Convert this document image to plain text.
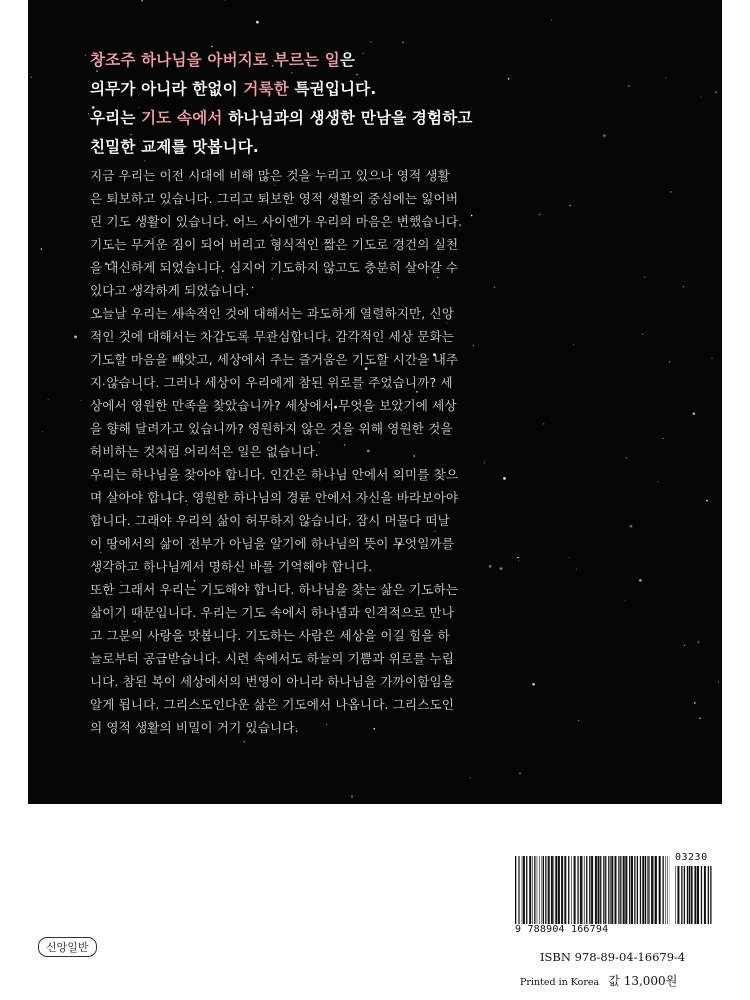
창조주 하나님을 아버지로 부르는 일은
의무가 아니라 한없이 거룩한 특권입니다.
우리는 기도 속에서 하나님과의 생생한 만남을 경험하고
친밀한 교제를 맛봅니다.
지금 우리는 이전 시대에 비해 많은 것을 누리고 있으나 영적 생활
은 퇴보하고 있습니다. 그리고 퇴보한 영적 생활의 중심에는 잃어버
린 기도 생활이 있습니다. 어느 사이엔가 우리의 마음은 변했습니다.
기도는 무거운 짐이 되어 버리고 형식적인 짧은 기도로 경건의 실천
을 대신하게 되었습니다. 심지어 기도하지 않고도 충분히 살아갈 수
있다고 생각하게 되었습니다.
오늘날 우리는 세속적인 것에 대해서는 과도하게 열렬하지만, 신앙
적인 것에 대해서는 차갑도록 무관심합니다. 감각적인 세상 문화는
기도할 마음을 빼앗고, 세상에서 주는 즐거움은 기도할 시간을 내주
지 않습니다. 그러나 세상이 우리에게 참된 위로를 주었습니까? 세
상에서 영원한 만족을 찾았습니까? 세상에서 무엇을 보았기에 세상
을 향해 달려가고 있습니까? 영원하지 않은 것을 위해 영원한 것을
허비하는 것처럼 어리석은 일은 없습니다.
우리는 하나님을 찾아야 합니다. 인간은 하나님 안에서 의미를 찾으
며 살아야 합니다. 영원한 하나님의 경륜 안에서 자신을 바라보아야
합니다. 그래야 우리의 삶이 허무하지 않습니다. 잠시 머물다 떠날
이 땅에서의 삶이 전부가 아님을 알기에 하나님의 뜻이 무엇일까를
생각하고 하나님께서 명하신 바를 기억해야 합니다.
또한 그래서 우리는 기도해야 합니다. 하나님을 찾는 삶은 기도하는
삶이기 때문입니다. 우리는 기도 속에서 하나님과 인격적으로 만나
고 그분의 사랑을 맛봅니다. 기도하는 사람은 세상을 이길 힘을 하
늘로부터 공급받습니다. 시련 속에서도 하늘의 기쁨과 위로를 누립
니다. 참된 복이 세상에서의 번영이 아니라 하나님을 가까이함임을
알게 됩니다. 그리스도인다운 삶은 기도에서 나옵니다. 그리스도인
의 영적 생활의 비밀이 거기 있습니다.
신앙일반
03230
9 788904 166794
ISBN 978-89-04-16679-4
Printed in Korea 값 13,000원
